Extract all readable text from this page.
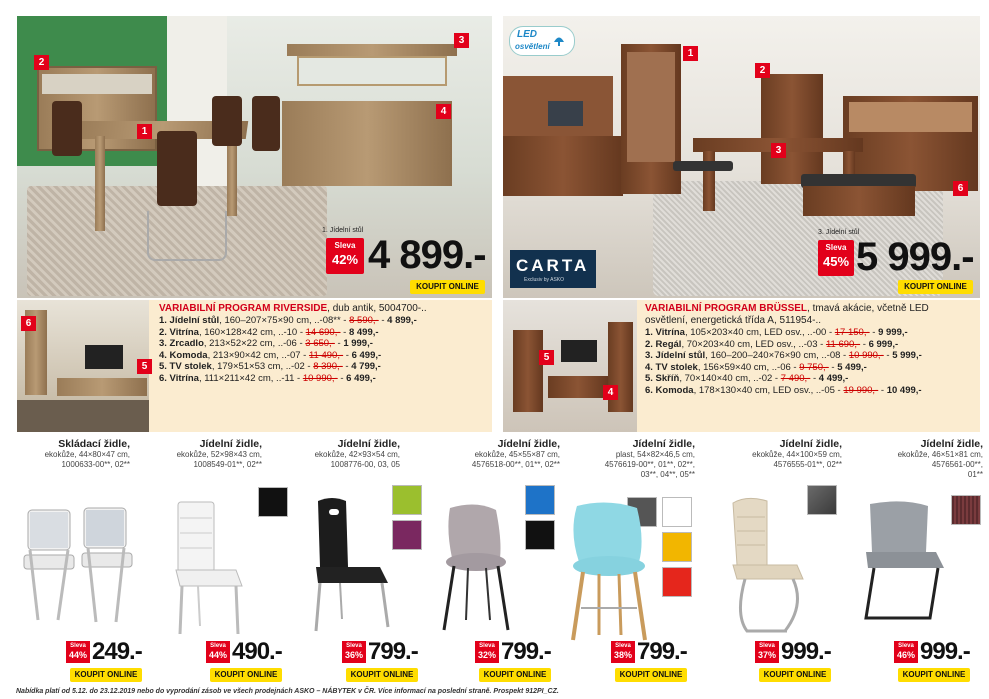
2
3
1
4
1. Jídelní stůl
Sleva
42% 4 899.-
KOUPIT ONLINE
LED
osvětlení
CARTA
Exclusiv by ASKO
1
2
3
6
3. Jídelní stůl
Sleva
45% 5 999.-
KOUPIT ONLINE
6
5
VARIABILNÍ PROGRAM RIVERSIDE, dub antik, 5004700-..
1. Jídelní stůl, 160–207×75×90 cm, ..-08** - 8 590,- - 4 899,-
2. Vitrína, 160×128×42 cm, ..-10 - 14 690,- - 8 499,-
3. Zrcadlo, 213×52×22 cm, ..-06 - 3 650,- - 1 999,-
4. Komoda, 213×90×42 cm, ..-07 - 11 490,- - 6 499,-
5. TV stolek, 179×51×53 cm, ..-02 - 8 390,- - 4 799,-
6. Vitrína, 111×211×42 cm, ..-11 - 10 990,- - 6 499,-
5
4
VARIABILNÍ PROGRAM BRÜSSEL, tmavá akácie, včetně LED
osvětlení, energetická třída A, 511954-..
1. Vitrína, 105×203×40 cm, LED osv., ..-00 - 17 150,- - 9 999,-
2. Regál, 70×203×40 cm, LED osv., ..-03 - 11 690,- - 6 999,-
3. Jídelní stůl, 160–200–240×76×90 cm, ..-08 - 10 990,- - 5 999,-
4. TV stolek, 156×59×40 cm, ..-06 - 9 750,- - 5 499,-
5. Skříň, 70×140×40 cm, ..-02 - 7 490,- - 4 499,-
6. Komoda, 178×130×40 cm, LED osv., ..-05 - 19 990,- - 10 499,-
Skládací židle,
ekokůže, 44×80×47 cm,
1000633-00**, 02**
Sleva
44% 249.-
KOUPIT ONLINE
Jídelní židle,
ekokůže, 52×98×43 cm,
1008549-01**, 02**
Sleva
44% 490.-
KOUPIT ONLINE
Jídelní židle,
ekokůže, 42×93×54 cm,
1008776-00, 03, 05
Sleva
36% 799.-
KOUPIT ONLINE
Jídelní židle,
ekokůže, 45×55×87 cm,
4576518-00**, 01**, 02**
Sleva
32% 799.-
KOUPIT ONLINE
Jídelní židle,
plast, 54×82×46,5 cm,
4576619-00**, 01**, 02**,
03**, 04**, 05**
Sleva
38% 799.-
KOUPIT ONLINE
Jídelní židle,
ekokůže, 44×100×59 cm,
4576555-01**, 02**
Sleva
37% 999.-
KOUPIT ONLINE
Jídelní židle,
ekokůže, 46×51×81 cm,
4576561-00**,
01**
Sleva
46% 999.-
KOUPIT ONLINE
Nabídka platí od 5.12. do 23.12.2019 nebo do vyprodání zásob ve všech prodejnách ASKO – NÁBYTEK v ČR. Více informací na poslední straně. Prospekt 912PI_CZ.
